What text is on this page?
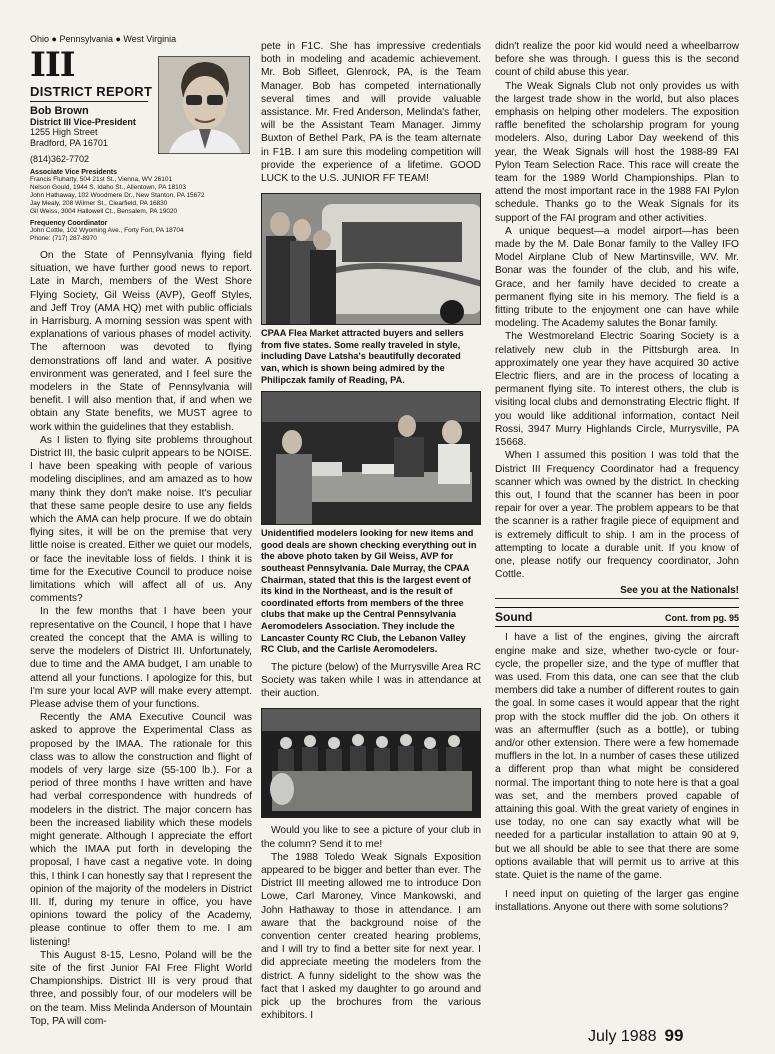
Ohio ● Pennsylvania ● West Virginia
III
DISTRICT REPORT
Bob Brown
District III Vice-President
1255 High Street
Bradford, PA 16701
(814)362-7702
Associate Vice Presidents
Francis Fluharty, 504 21st St., Vienna, WV 26101
Nelson Gould, 1944 S. Idaho St., Allentown, PA 18103
John Hathaway, 102 Woodmere Dr., New Stanton, PA 15672
Jay Mealy, 208 Wilmer St., Clearfield, PA 16830
Gil Weiss, 3004 Hallowell Ct., Bensalem, PA 19020
Frequency Coordinator
John Cottle, 102 Wyoming Ave., Forty Fort, PA 18704
Phone: (717) 287-8970

On the State of Pennsylvania flying field situation, we have further good news to report. Late in March, members of the West Shore Flying Society, Gil Weiss (AVP), Geoff Styles, and Jeff Troy (AMA HQ) met with public officials in Harrisburg. A morning session was spent with explanations of various phases of model activity. The afternoon was devoted to flying demonstrations off land and water. A positive environment was generated, and I feel sure the modelers in the State of Pennsylvania will benefit. I will also mention that, if and when we obtain any State benefits, we MUST agree to work within the guidelines that they establish.

As I listen to flying site problems throughout District III, the basic culprit appears to be NOISE. I have been speaking with people of various modeling disciplines, and am amazed as to how many think they don't make noise. It's peculiar that these same people desire to use any fields which the AMA can help procure. If we do obtain flying sites, it will be on the premise that very little noise is created. Either we quiet our models, or face the inevitable loss of fields. I think it is time for the Executive Council to produce noise limitations which will affect all of us. Any comments?

In the few months that I have been your representative on the Council, I hope that I have created the concept that the AMA is willing to serve the modelers of District III. Unfortunately, due to time and the AMA budget, I am unable to attend all your functions. I apologize for this, but I'm sure your local AVP will make every attempt. Please advise them of your functions.

Recently the AMA Executive Council was asked to approve the Experimental Class as proposed by the IMAA. The rationale for this class was to allow the construction and flight of models of very large size (55-100 lb.). For a period of three months I have written and have had verbal correspondence with hundreds of modelers in the district. The major concern has been the increased liability which these models might generate. Although I appreciate the effort which the IMAA put forth in developing the proposal, I have cast a negative vote. In doing this, I think I can honestly say that I represent the opinion of the majority of the modelers in District III. If, during my tenure in office, you have opinions toward the policy of the Academy, please continue to offer them to me. I am listening!

This August 8-15, Lesno, Poland will be the site of the first Junior FAI Free Flight World Championships. District III is very proud that three, and possibly four, of our modelers will be on the team. Miss Melinda Anderson of Mountain Top, PA will com-

pete in F1C. She has impressive credentials both in modeling and academic achievement. Mr. Bob Sifleet, Glenrock, PA, is the Team Manager. Bob has competed internationally several times and will provide valuable assistance. Mr. Fred Anderson, Melinda's father, will be the Assistant Team Manager. Jimmy Buxton of Bethel Park, PA is the team alternate in F1B. I am sure this modeling competition will provide the experience of a lifetime. GOOD LUCK to the U.S. JUNIOR FF TEAM!

CPAA Flea Market attracted buyers and sellers from five states. Some really traveled in style, including Dave Latsha's beautifully decorated van, which is shown being admired by the Philipczak family of Reading, PA.

Unidentified modelers looking for new items and good deals are shown checking everything out in the above photo taken by Gil Weiss, AVP for southeast Pennsylvania. Dale Murray, the CPAA Chairman, stated that this is the largest event of its kind in the Northeast, and is the result of coordinated efforts from members of the three clubs that make up the Central Pennsylvania Aeromodelers Association. They include the Lancaster County RC Club, the Lebanon Valley RC Club, and the Carlisle Aeromodelers.

The picture (below) of the Murrysville Area RC Society was taken while I was in attendance at their auction.

Would you like to see a picture of your club in the column? Send it to me!

The 1988 Toledo Weak Signals Exposition appeared to be bigger and better than ever. The District III meeting allowed me to introduce Don Lowe, Carl Maroney, Vince Mankowski, and John Hathaway to those in attendance. I am aware that the background noise of the convention center created hearing problems, and I will try to find a better site for next year. I did appreciate meeting the modelers from the district. A funny sidelight to the show was the fact that I asked my daughter to go around and pick up the brochures from the various exhibitors. I

didn't realize the poor kid would need a wheelbarrow before she was through. I guess this is the second count of child abuse this year.

The Weak Signals Club not only provides us with the largest trade show in the world, but also places emphasis on helping other modelers. The exposition raffle benefited the scholarship program for young modelers. Also, during Labor Day weekend of this year, the Weak Signals will host the 1988-89 FAI Pylon Team Selection Race. This race will create the team for the 1989 World Championships. Plan to attend the most important race in the 1988 FAI Pylon schedule. Thanks go to the Weak Signals for its support of the FAI program and other activities.

A unique bequest—a model airport—has been made by the M. Dale Bonar family to the Valley IFO Model Airplane Club of New Martinsville, WV. Mr. Bonar was the founder of the club, and his wife, Grace, and her family have decided to create a permanent flying site in his memory. The field is a fitting tribute to the enjoyment one can have while modeling. The Academy salutes the Bonar family.

The Westmoreland Electric Soaring Society is a relatively new club in the Pittsburgh area. In approximately one year they have acquired 30 active Electric fliers, and are in the process of locating a permanent flying site. To interest others, the club is visiting local clubs and demonstrating Electric flight. If you would like additional information, contact Neil Rossi, 3947 Murry Highlands Circle, Murrysville, PA 15668.

When I assumed this position I was told that the District III Frequency Coordinator had a frequency scanner which was owned by the district. In checking this out, I found that the scanner has been in poor repair for over a year. The problem appears to be that the scanner is a rather fragile piece of equipment and is extremely difficult to ship. I am in the process of attempting to locate a durable unit. If you know of one, please notify our frequency coordinator, John Cottle.

See you at the Nationals!
Sound	Cont. from pg. 95

I have a list of the engines, giving the aircraft engine make and size, whether two-cycle or four-cycle, the propeller size, and the type of muffler that was used. From this data, one can see that the club members did take a number of different routes to gain the goal. In some cases it would appear that the right prop with the stock muffler did the job. On others it was an aftermuffler (such as a bottle), or tubing and/or other extension. There were a few homemade mufflers in the lot. In a number of cases these utilized a different prop than what might be considered normal. The important thing to note here is that a goal was set, and the members proved capable of attaining this goal. With the great variety of engines in use today, no one can say exactly what will be needed for a particular installation to attain 90 at 9, but we all should be able to see that there are some options available that will permit us to arrive at this state. Quiet is the name of the game.

I need input on quieting of the larger gas engine installations. Anyone out there with some solutions?

July 1988 99
